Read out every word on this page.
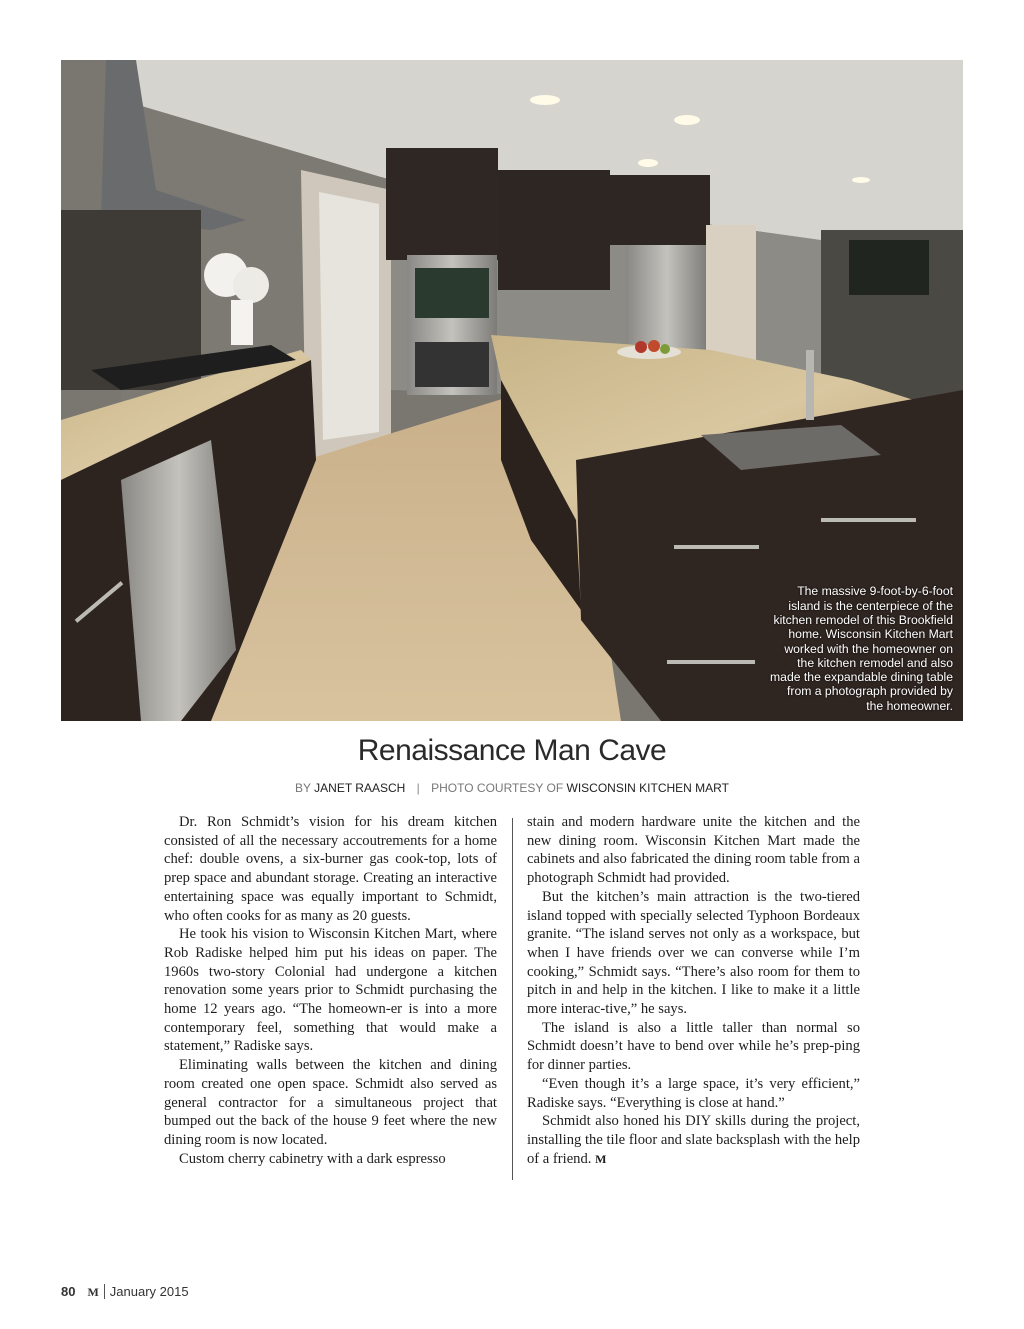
The massive 9-foot-by-6-foot
island is the centerpiece of the
kitchen remodel of this Brookfield
home. Wisconsin Kitchen Mart
worked with the homeowner on
the kitchen remodel and also
made the expandable dining table
from a photograph provided by
the homeowner.
Renaissance Man Cave
BY JANET RAASCH | PHOTO COURTESY OF WISCONSIN KITCHEN MART

Dr. Ron Schmidt’s vision for his dream kitchen consisted of all the necessary accoutrements for a home chef: double ovens, a six-burner gas cook-top, lots of prep space and abundant storage. Creating an interactive entertaining space was equally important to Schmidt, who often cooks for as many as 20 guests.

He took his vision to Wisconsin Kitchen Mart, where Rob Radiske helped him put his ideas on paper. The 1960s two-story Colonial had undergone a kitchen renovation some years prior to Schmidt purchasing the home 12 years ago. “The homeown-er is into a more contemporary feel, something that would make a statement,” Radiske says.

Eliminating walls between the kitchen and dining room created one open space. Schmidt also served as general contractor for a simultaneous project that bumped out the back of the house 9 feet where the new dining room is now located.

Custom cherry cabinetry with a dark espresso

stain and modern hardware unite the kitchen and the new dining room. Wisconsin Kitchen Mart made the cabinets and also fabricated the dining room table from a photograph Schmidt had provided.

But the kitchen’s main attraction is the two-tiered island topped with specially selected Typhoon Bordeaux granite. “The island serves not only as a workspace, but when I have friends over we can converse while I’m cooking,” Schmidt says. “There’s also room for them to pitch in and help in the kitchen. I like to make it a little more interac-tive,” he says.

The island is also a little taller than normal so Schmidt doesn’t have to bend over while he’s prep-ping for dinner parties.

“Even though it’s a large space, it’s very efficient,” Radiske says. “Everything is close at hand.”

Schmidt also honed his DIY skills during the project, installing the tile floor and slate backsplash with the help of a friend. M

80 M January 2015
